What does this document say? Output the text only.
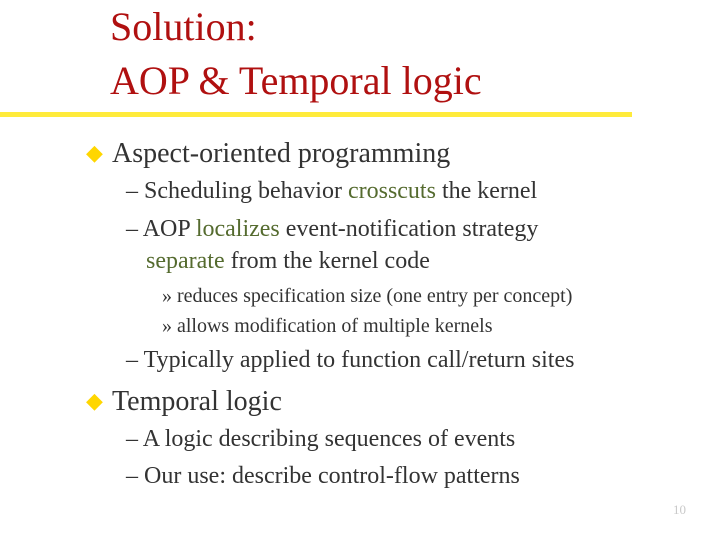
Solution:
AOP & Temporal logic
◆ Aspect-oriented programming
– Scheduling behavior crosscuts the kernel
– AOP localizes event-notification strategy
separate from the kernel code
» reduces specification size (one entry per concept)
» allows modification of multiple kernels
– Typically applied to function call/return sites
◆ Temporal logic
– A logic describing sequences of events
– Our use: describe control-flow patterns
10
